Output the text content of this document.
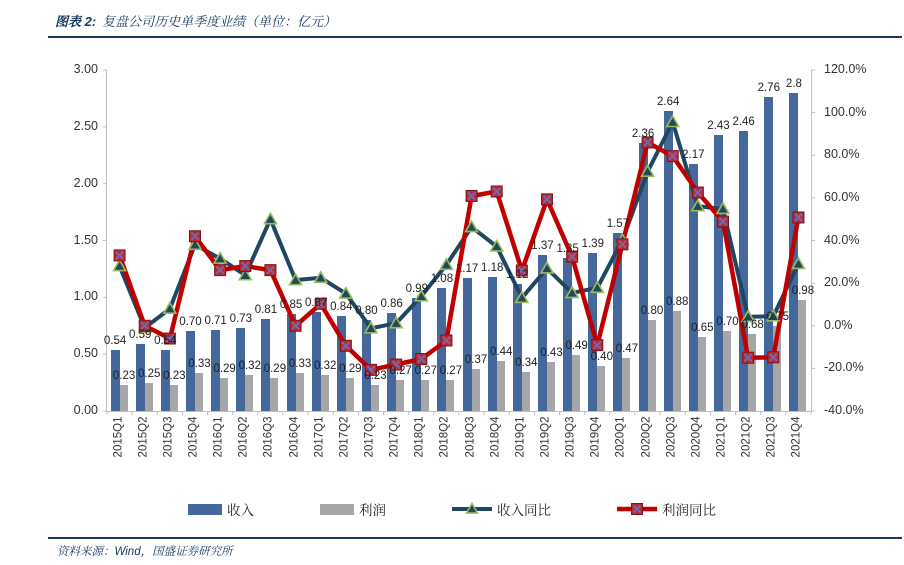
图表 2: 复盘公司历史单季度业绩（单位：亿元）
0.54 0.59 0.54
0.70 0.71 0.73
0.81 0.85 0.87 0.84 0.80
0.86
0.99
1.08
1.17 1.18
1.12
1.37 1.35 1.39
1.57
2.36
2.64
2.17
2.43 2.46
2.76 2.8
0.23 0.25 0.23
0.33 0.29 0.32 0.29 0.33 0.32 0.29
0.23 0.27 0.27 0.27
0.37
0.44
0.34
0.43
0.49
0.40
0.47
0.80
0.88
0.65 0.70 0.68
0.75
0.98
收入	利润	收入同比	利润同比
资料来源：Wind，国盛证券研究所
3.00
2.50
2.00
1.50
1.00
0.50
0.00
120.0%
100.0%
80.0%
60.0%
40.0%
20.0%
0.0%
-20.0%
-40.0%
2015Q1 2015Q2 2015Q3 2015Q4 2016Q1 2016Q2 2016Q3 2016Q4 2017Q1 2017Q2 2017Q3 2017Q4 2018Q1 2018Q2 2018Q3 2018Q4 2019Q1 2019Q2 2019Q3 2019Q4 2020Q1 2020Q2 2020Q3 2020Q4 2021Q1 2021Q2 2021Q3 2021Q4
